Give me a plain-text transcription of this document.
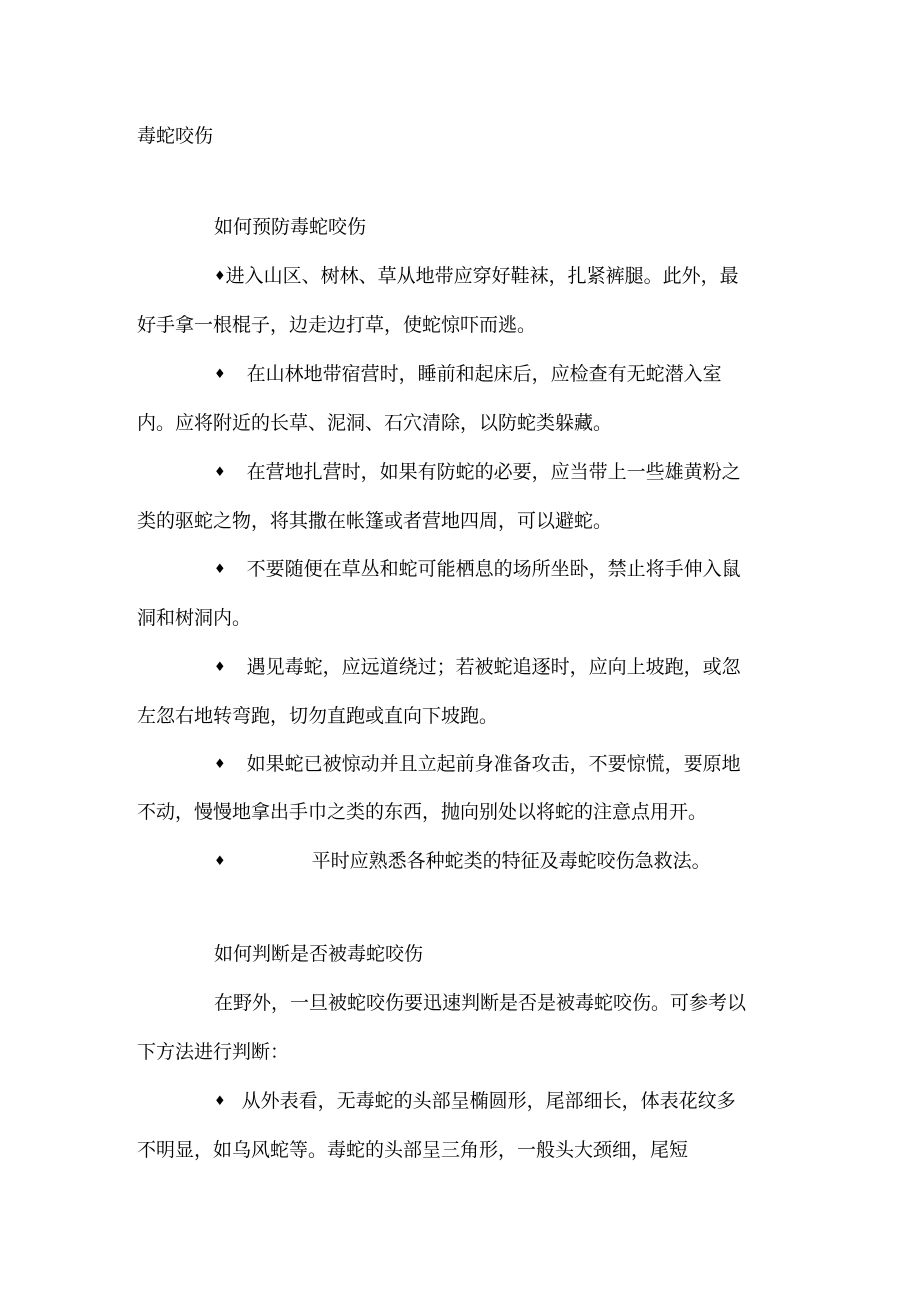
毒蛇咬伤

如何预防毒蛇咬伤

♦进入山区、树林、草从地带应穿好鞋袜，扎紧裤腿。此外，最

好手拿一根棍子，边走边打草，使蛇惊吓而逃。

♦ 在山林地带宿营时，睡前和起床后，应检查有无蛇潜入室

内。应将附近的长草、泥洞、石穴清除，以防蛇类躲藏。

♦ 在营地扎营时，如果有防蛇的必要，应当带上一些雄黄粉之

类的驱蛇之物，将其撒在帐篷或者营地四周，可以避蛇。

♦ 不要随便在草丛和蛇可能栖息的场所坐卧，禁止将手伸入鼠

洞和树洞内。

♦ 遇见毒蛇，应远道绕过；若被蛇追逐时，应向上坡跑，或忽

左忽右地转弯跑，切勿直跑或直向下坡跑。

♦ 如果蛇已被惊动并且立起前身准备攻击，不要惊慌，要原地

不动，慢慢地拿出手巾之类的东西，抛向别处以将蛇的注意点用开。

♦	平时应熟悉各种蛇类的特征及毒蛇咬伤急救法。

如何判断是否被毒蛇咬伤

在野外，一旦被蛇咬伤要迅速判断是否是被毒蛇咬伤。可参考以

下方法进行判断：

♦ 从外表看，无毒蛇的头部呈椭圆形，尾部细长，体表花纹多

不明显，如乌风蛇等。毒蛇的头部呈三角形，一般头大颈细，尾短
